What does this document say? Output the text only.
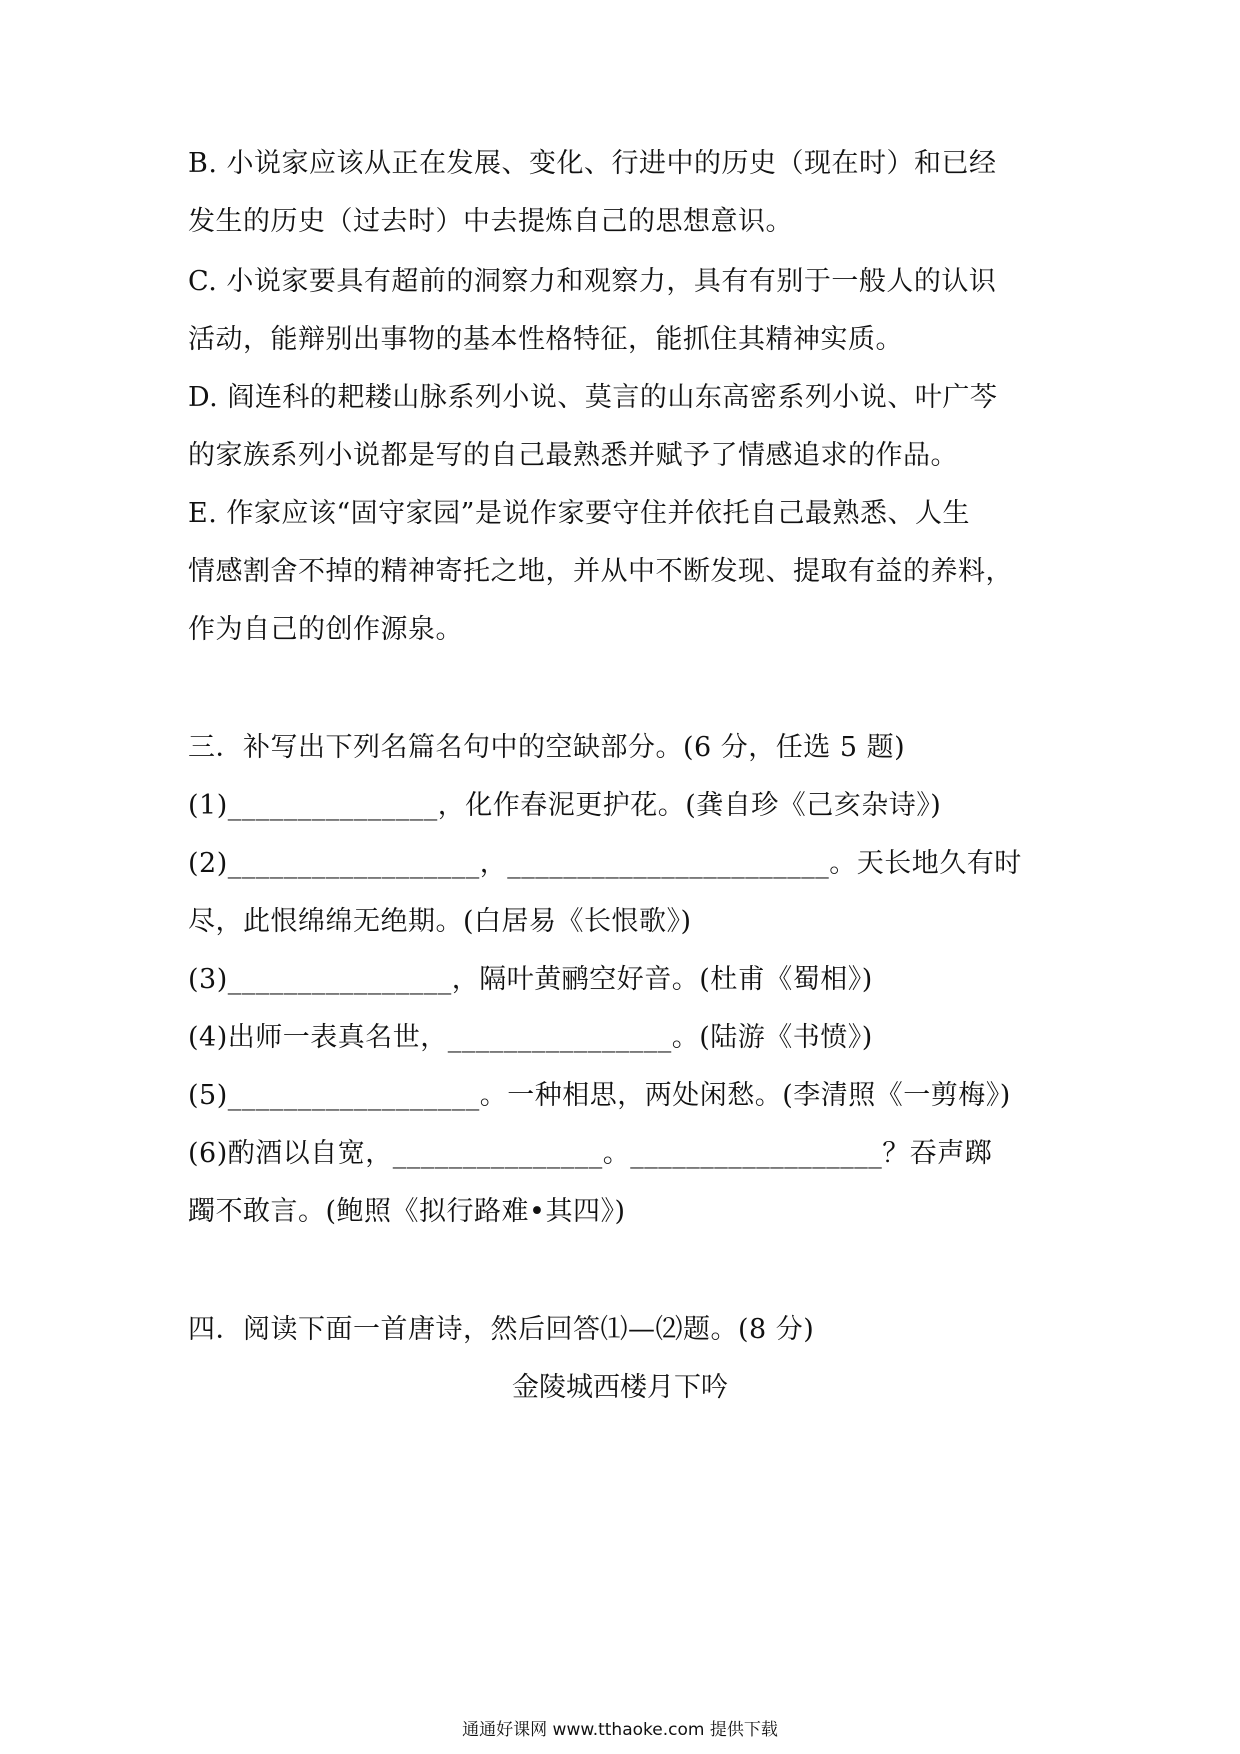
B. 小说家应该从正在发展、变化、行进中的历史（现在时）和已经
发生的历史（过去时）中去提炼自己的思想意识。
C. 小说家要具有超前的洞察力和观察力，具有有别于一般人的认识
活动，能辩别出事物的基本性格特征，能抓住其精神实质。
D. 阎连科的耙耧山脉系列小说、莫言的山东高密系列小说、叶广芩
的家族系列小说都是写的自己最熟悉并赋予了情感追求的作品。
E. 作家应该“固守家园”是说作家要守住并依托自己最熟悉、人生
情感割舍不掉的精神寄托之地，并从中不断发现、提取有益的养料，
作为自己的创作源泉。
三．补写出下列名篇名句中的空缺部分。(6 分，任选 5 题)
(1)_______________，化作春泥更护花。(龚自珍《己亥杂诗》)
(2)__________________，_______________________。天长地久有时
尽，此恨绵绵无绝期。(白居易《长恨歌》)
(3)________________，隔叶黄鹂空好音。(杜甫《蜀相》)
(4)出师一表真名世，________________。(陆游《书愤》)
(5)__________________。一种相思，两处闲愁。(李清照《一剪梅》)
(6)酌酒以自宽，_______________。__________________？吞声踯
躅不敢言。(鲍照《拟行路难•其四》)
四．阅读下面一首唐诗，然后回答⑴—⑵题。(8 分)
金陵城西楼月下吟
通通好课网 www.tthaoke.com 提供下载
